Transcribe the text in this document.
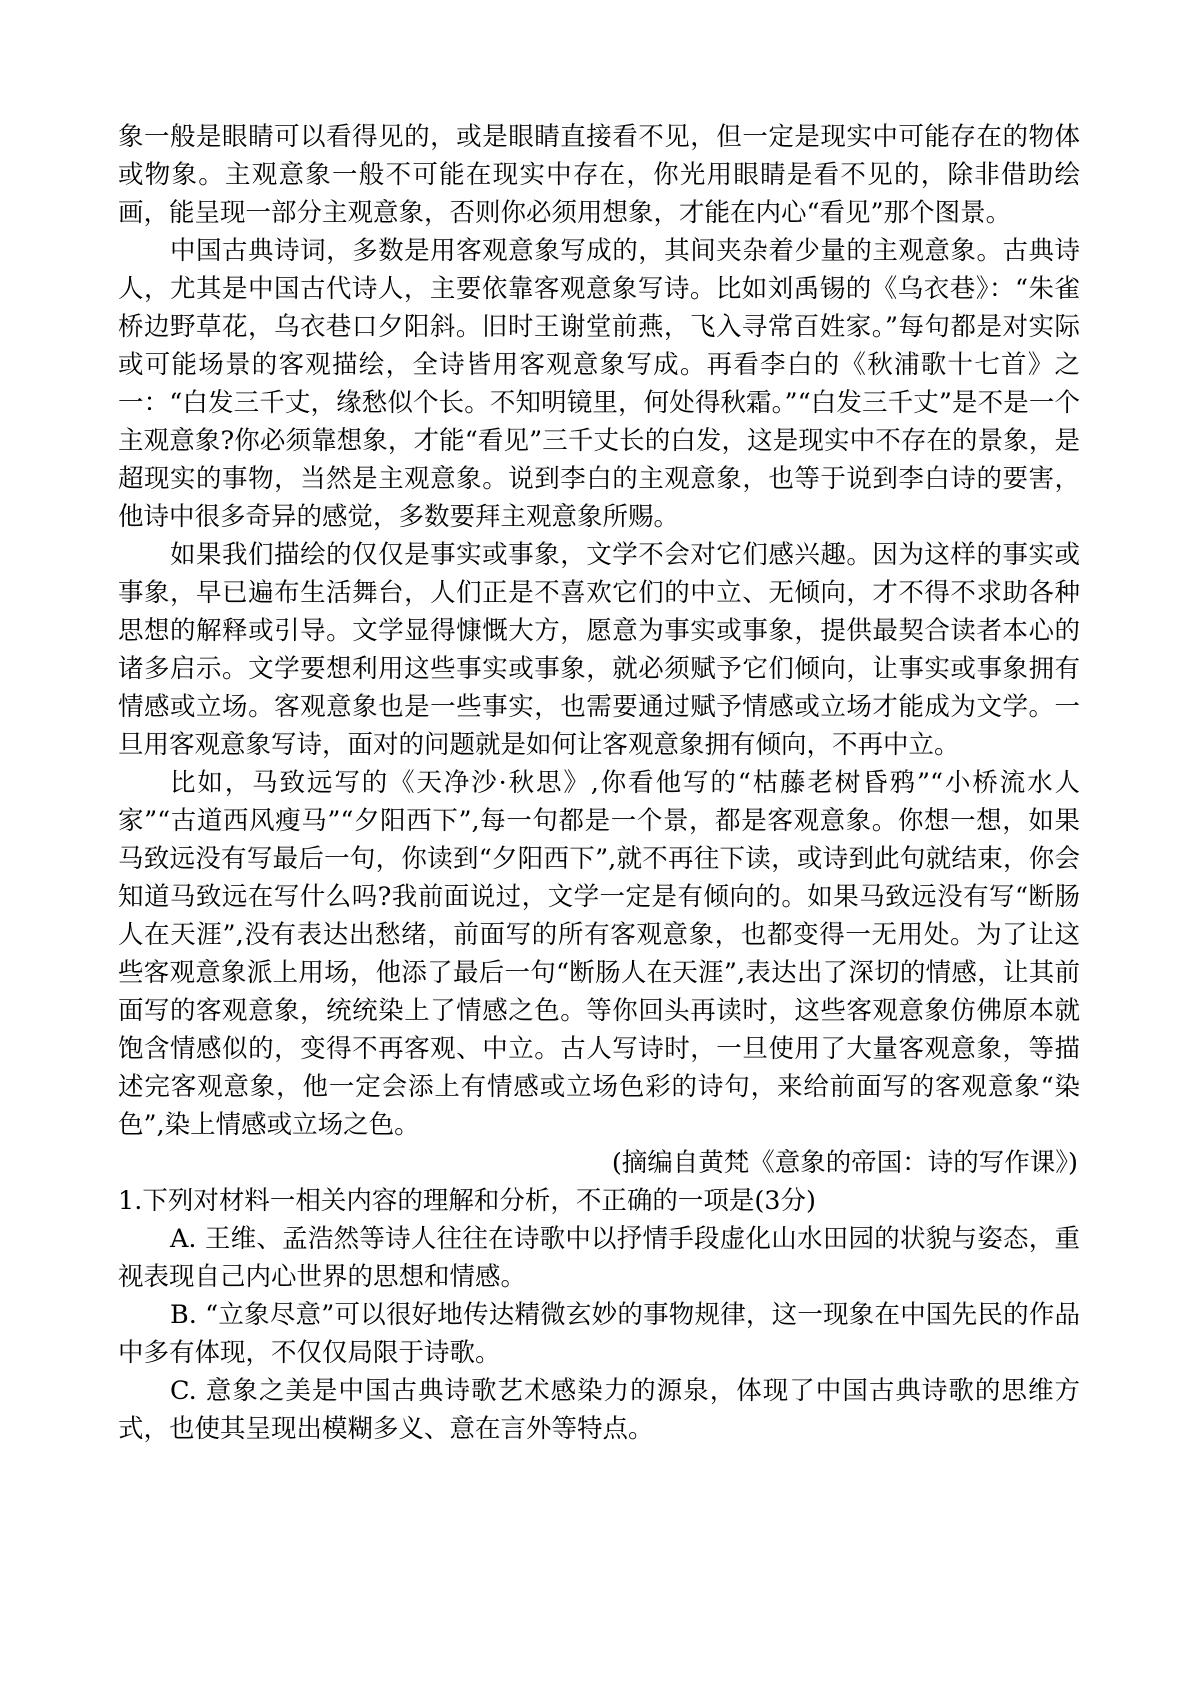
象一般是眼睛可以看得见的，或是眼睛直接看不见，但一定是现实中可能存在的物体或物象。主观意象一般不可能在现实中存在，你光用眼睛是看不见的，除非借助绘画，能呈现一部分主观意象，否则你必须用想象，才能在内心“看见”那个图景。

中国古典诗词，多数是用客观意象写成的，其间夹杂着少量的主观意象。古典诗人，尤其是中国古代诗人，主要依靠客观意象写诗。比如刘禹锡的《乌衣巷》：“朱雀桥边野草花，乌衣巷口夕阳斜。旧时王谢堂前燕，飞入寻常百姓家。”每句都是对实际或可能场景的客观描绘，全诗皆用客观意象写成。再看李白的《秋浦歌十七首》之一：“白发三千丈，缘愁似个长。不知明镜里，何处得秋霜。”“白发三千丈”是不是一个主观意象?你必须靠想象，才能“看见”三千丈长的白发，这是现实中不存在的景象，是超现实的事物，当然是主观意象。说到李白的主观意象，也等于说到李白诗的要害，他诗中很多奇异的感觉，多数要拜主观意象所赐。

如果我们描绘的仅仅是事实或事象，文学不会对它们感兴趣。因为这样的事实或事象，早已遍布生活舞台，人们正是不喜欢它们的中立、无倾向，才不得不求助各种思想的解释或引导。文学显得慷慨大方，愿意为事实或事象，提供最契合读者本心的诸多启示。文学要想利用这些事实或事象，就必须赋予它们倾向，让事实或事象拥有情感或立场。客观意象也是一些事实，也需要通过赋予情感或立场才能成为文学。一旦用客观意象写诗，面对的问题就是如何让客观意象拥有倾向，不再中立。

比如，马致远写的《天净沙·秋思》,你看他写的“枯藤老树昏鸦”“小桥流水人家”“古道西风瘦马”“夕阳西下”,每一句都是一个景，都是客观意象。你想一想，如果马致远没有写最后一句，你读到“夕阳西下”,就不再往下读，或诗到此句就结束，你会知道马致远在写什么吗?我前面说过，文学一定是有倾向的。如果马致远没有写“断肠人在天涯”,没有表达出愁绪，前面写的所有客观意象，也都变得一无用处。为了让这些客观意象派上用场，他添了最后一句“断肠人在天涯”,表达出了深切的情感，让其前面写的客观意象，统统染上了情感之色。等你回头再读时，这些客观意象仿佛原本就饱含情感似的，变得不再客观、中立。古人写诗时，一旦使用了大量客观意象，等描述完客观意象，他一定会添上有情感或立场色彩的诗句，来给前面写的客观意象“染色”,染上情感或立场之色。

(摘编自黄梵《意象的帝国：诗的写作课》)

1.下列对材料一相关内容的理解和分析，不正确的一项是(3分)

A. 王维、孟浩然等诗人往往在诗歌中以抒情手段虚化山水田园的状貌与姿态，重视表现自己内心世界的思想和情感。

B. “立象尽意”可以很好地传达精微玄妙的事物规律，这一现象在中国先民的作品中多有体现，不仅仅局限于诗歌。

C. 意象之美是中国古典诗歌艺术感染力的源泉，体现了中国古典诗歌的思维方式，也使其呈现出模糊多义、意在言外等特点。
